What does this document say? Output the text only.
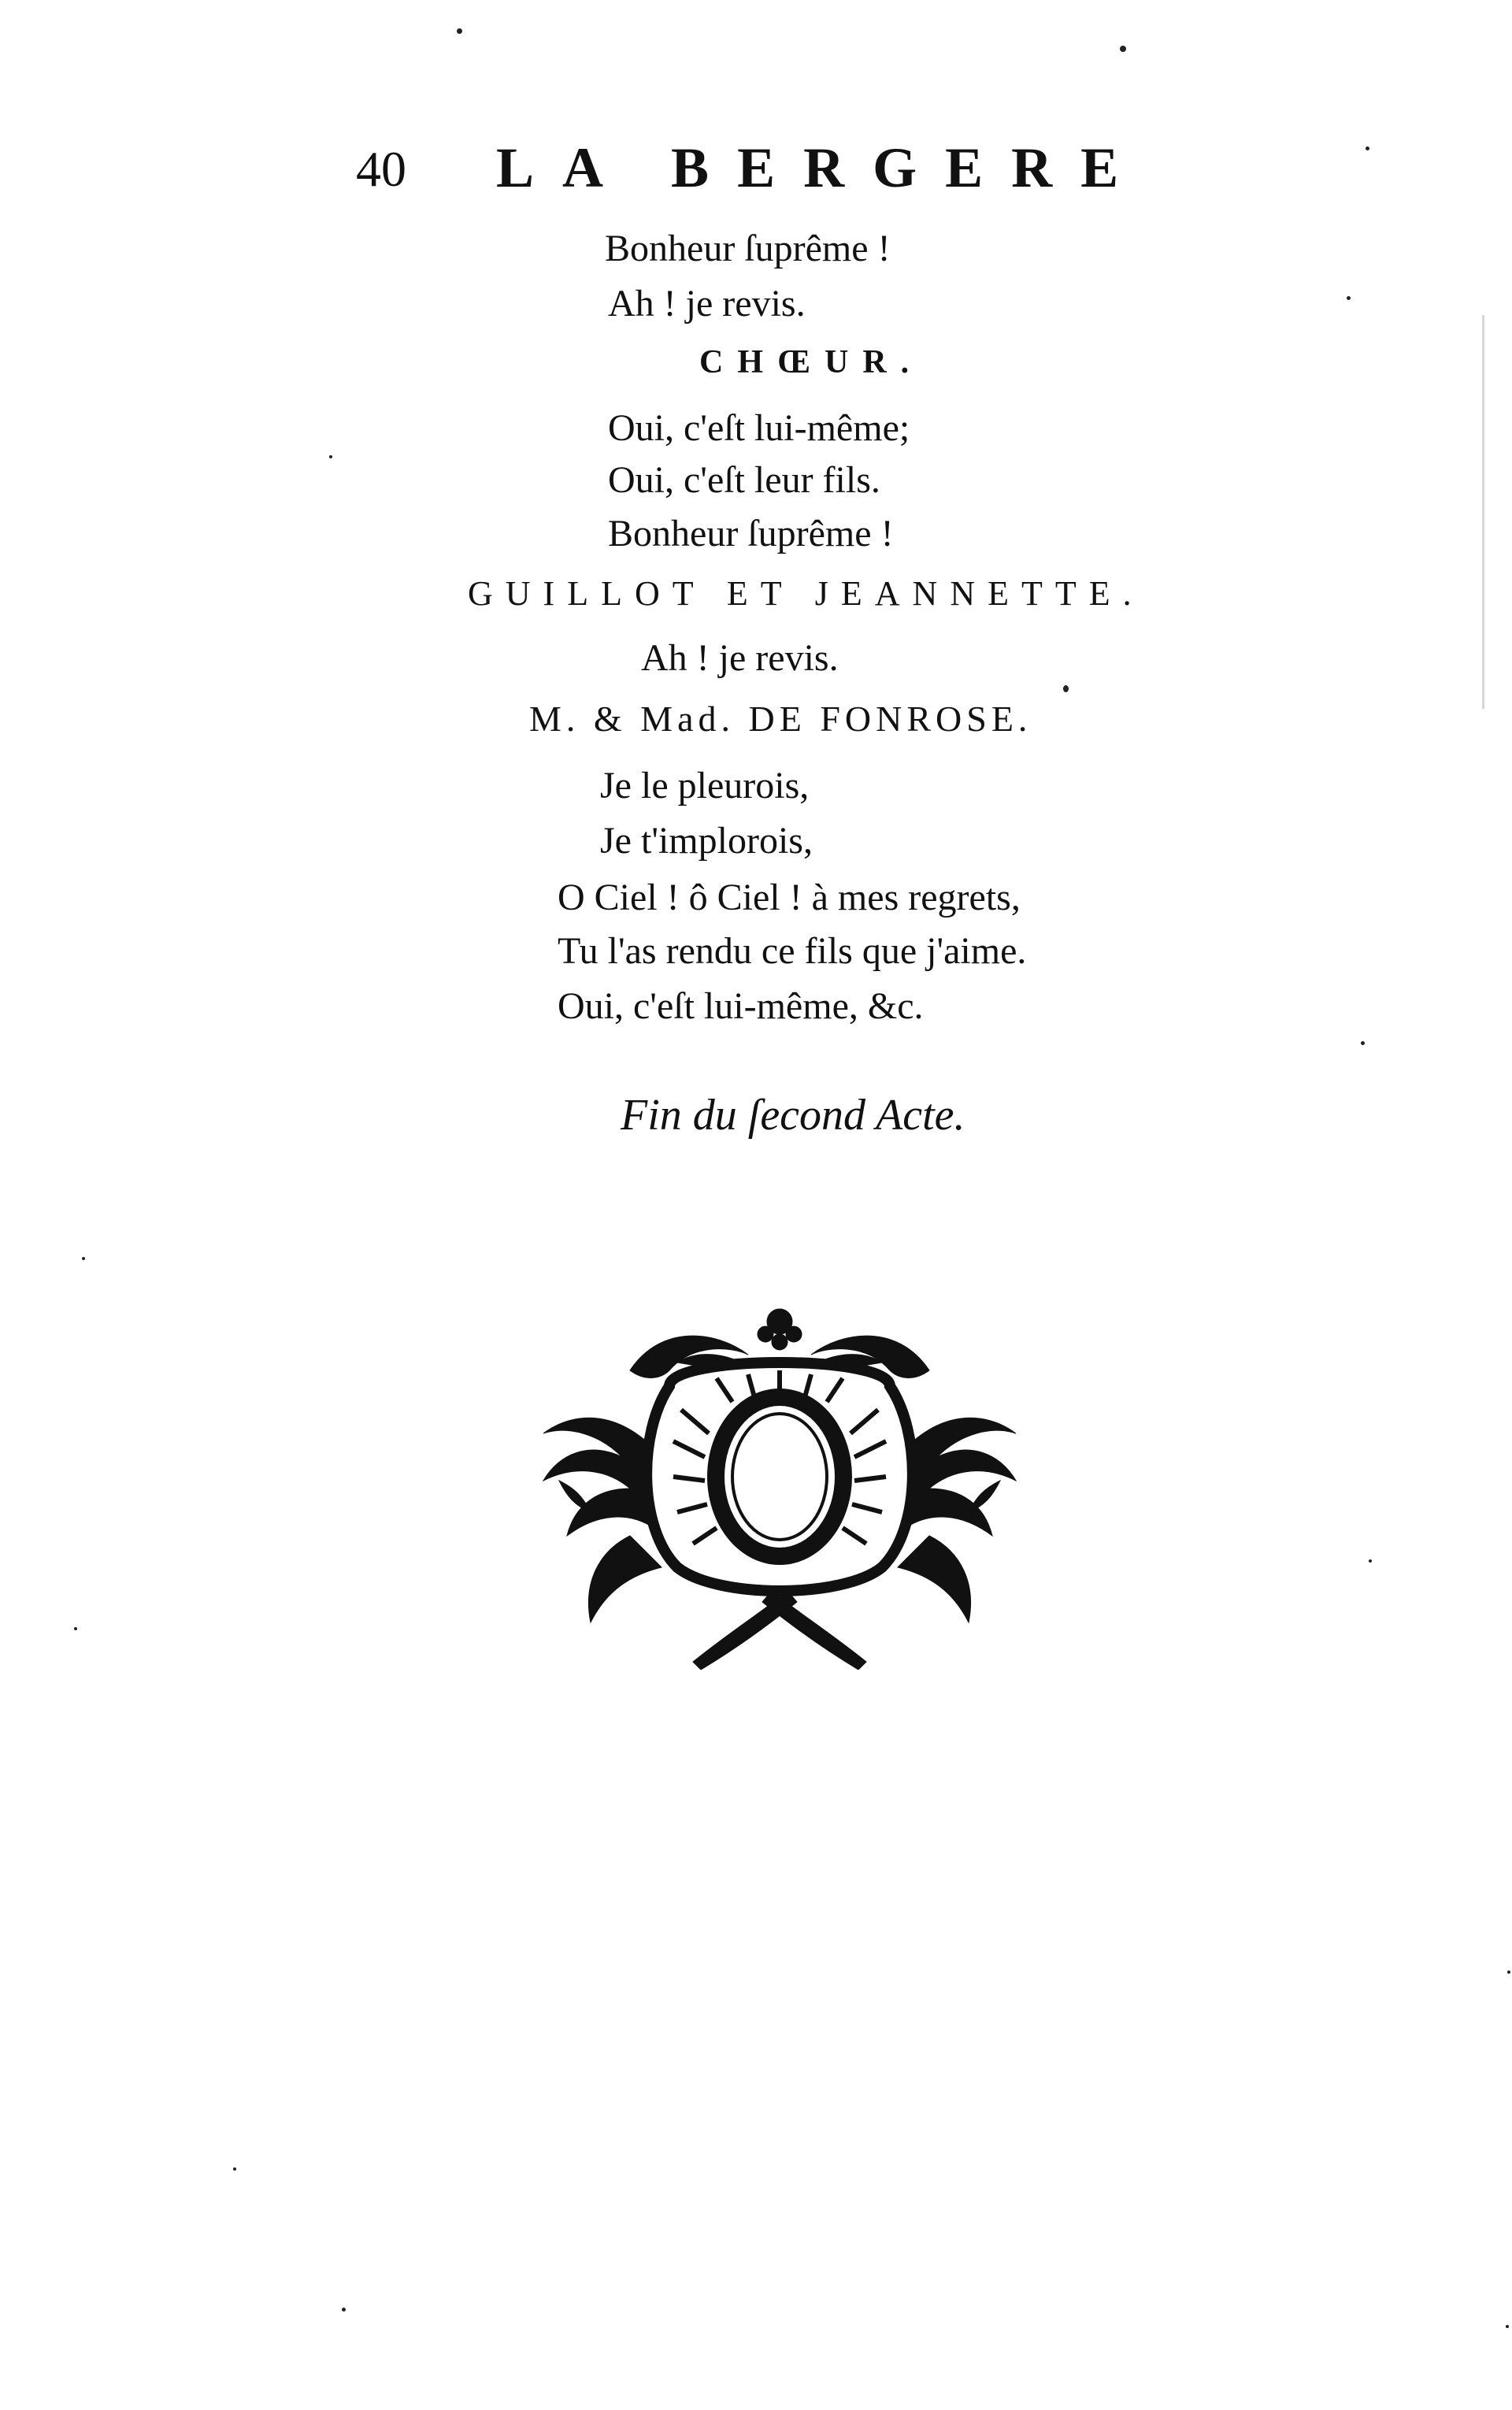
40 LA BERGERE
Bonheur ſuprême !
Ah ! je revis.
CHŒUR.
Oui, c'eſt lui-même;
Oui, c'eſt leur fils.
Bonheur ſuprême !
GUILLOT ET JEANNETTE.
Ah ! je revis.
M. & Mad. DE FONROSE.
Je le pleurois,
Je t'implorois,
O Ciel ! ô Ciel ! à mes regrets,
Tu l'as rendu ce fils que j'aime.
Oui, c'eſt lui-même, &c.
Fin du ſecond Acte.
